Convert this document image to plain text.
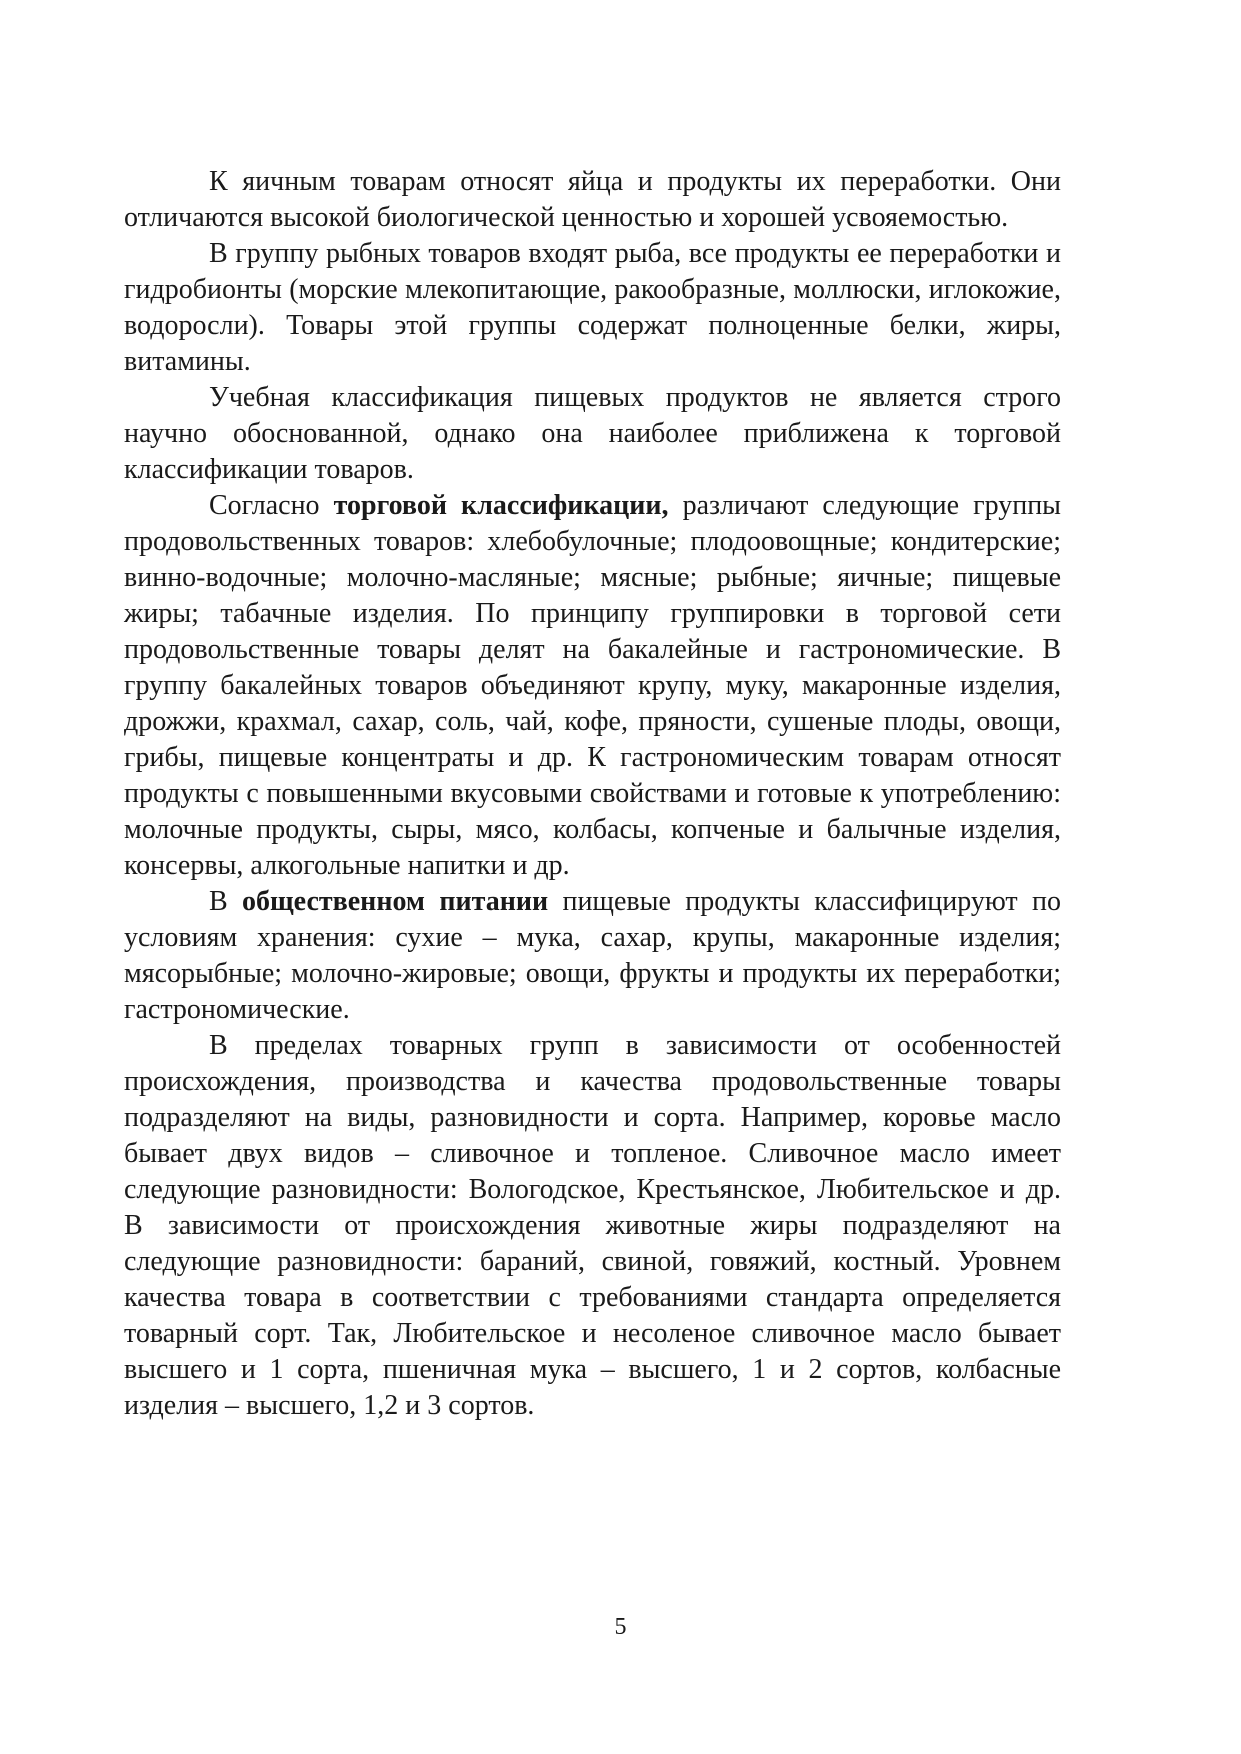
К яичным товарам относят яйца и продукты их переработки. Они отличаются высокой биологической ценностью и хорошей усвояемостью.

В группу рыбных товаров входят рыба, все продукты ее переработки и гидробионты (морские млекопитающие, ракообразные, моллюски, иглокожие, водоросли). Товары этой группы содержат полноценные белки, жиры, витамины.

Учебная классификация пищевых продуктов не является строго научно обоснованной, однако она наиболее приближена к торговой классификации товаров.

Согласно торговой классификации, различают следующие группы продовольственных товаров: хлебобулочные; плодоовощные; кондитерские; винно-водочные; молочно-масляные; мясные; рыбные; яичные; пищевые жиры; табачные изделия. По принципу группировки в торговой сети продовольственные товары делят на бакалейные и гастрономические. В группу бакалейных товаров объединяют крупу, муку, макаронные изделия, дрожжи, крахмал, сахар, соль, чай, кофе, пряности, сушеные плоды, овощи, грибы, пищевые концентраты и др. К гастрономическим товарам относят продукты с повышенными вкусовыми свойствами и готовые к употреблению: молочные продукты, сыры, мясо, колбасы, копченые и балычные изделия, консервы, алкогольные напитки и др.

В общественном питании пищевые продукты классифицируют по условиям хранения: сухие – мука, сахар, крупы, макаронные изделия; мясорыбные; молочно-жировые; овощи, фрукты и продукты их переработки; гастрономические.

В пределах товарных групп в зависимости от особенностей происхождения, производства и качества продовольственные товары подразделяют на виды, разновидности и сорта. Например, коровье масло бывает двух видов – сливочное и топленое. Сливочное масло имеет следующие разновидности: Вологодское, Крестьянское, Любительское и др. В зависимости от происхождения животные жиры подразделяют на следующие разновидности: бараний, свиной, говяжий, костный. Уровнем качества товара в соответствии с требованиями стандарта определяется товарный сорт. Так, Любительское и несоленое сливочное масло бывает высшего и 1 сорта, пшеничная мука – высшего, 1 и 2 сортов, колбасные изделия – высшего, 1,2 и 3 сортов.

5
